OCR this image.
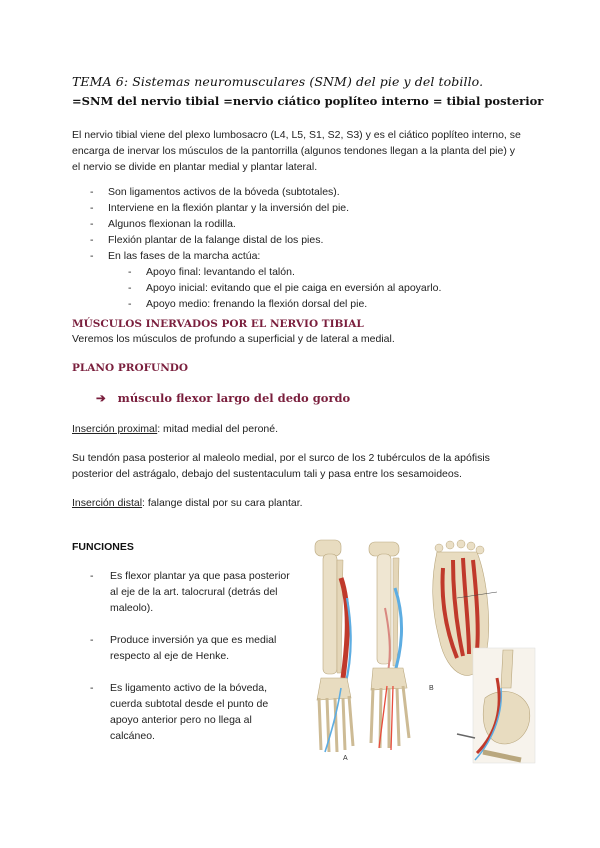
TEMA 6: Sistemas neuromusculares (SNM) del pie y del tobillo.
=SNM del nervio tibial =nervio ciático poplíteo interno = tibial posterior
El nervio tibial viene del plexo lumbosacro (L4, L5, S1, S2, S3) y es el ciático poplíteo interno, se encarga de inervar los músculos de la pantorrilla (algunos tendones llegan a la planta del pie) y el nervio se divide en plantar medial y plantar lateral.
- Son ligamentos activos de la bóveda (subtotales).
- Interviene en la flexión plantar y la inversión del pie.
- Algunos flexionan la rodilla.
- Flexión plantar de la falange distal de los pies.
- En las fases de la marcha actúa:
- Apoyo final: levantando el talón.
- Apoyo inicial: evitando que el pie caiga en eversión al apoyarlo.
- Apoyo medio: frenando la flexión dorsal del pie.
MÚSCULOS INERVADOS POR EL NERVIO TIBIAL
Veremos los músculos de profundo a superficial y de lateral a medial.
PLANO PROFUNDO
➔ músculo flexor largo del dedo gordo
Inserción proximal: mitad medial del peroné.
Su tendón pasa posterior al maleolo medial, por el surco de los 2 tubérculos de la apófisis posterior del astrágalo, debajo del sustentaculum tali y pasa entre los sesamoideos.
Inserción distal: falange distal por su cara plantar.
FUNCIONES
- Es flexor plantar ya que pasa posterior al eje de la art. talocrural (detrás del maleolo).
- Produce inversión ya que es medial respecto al eje de Henke.
- Es ligamento activo de la bóveda, cuerda subtotal desde el punto de apoyo anterior pero no llega al calcáneo.
A
B
